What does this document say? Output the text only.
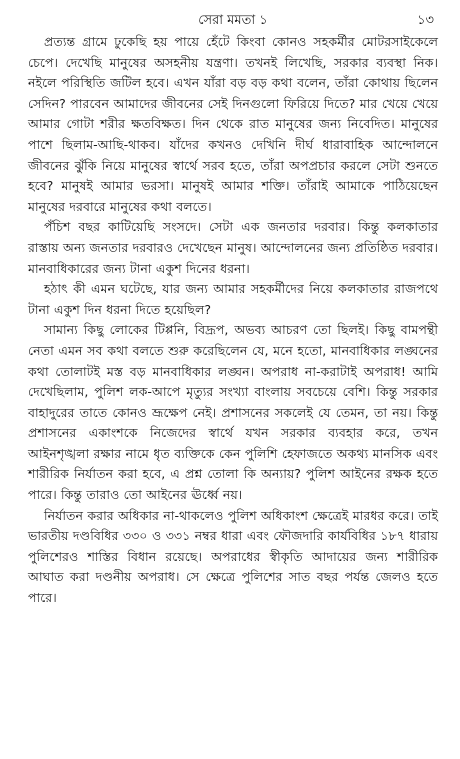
সেরা মমতা ১	১৩

প্রত্যন্ত গ্রামে ঢুকেছি হয় পায়ে হেঁটে কিংবা কোনও সহকর্মীর মোটরসাইকেলে চেপে। দেখেছি মানুষের অসহনীয় যন্ত্রণা। তখনই লিখেছি, সরকার ব্যবস্থা নিক। নইলে পরিস্থিতি জটিল হবে। এখন যাঁরা বড় বড় কথা বলেন, তাঁরা কোথায় ছিলেন সেদিন? পারবেন আমাদের জীবনের সেই দিনগুলো ফিরিয়ে দিতে? মার খেয়ে খেয়ে আমার গোটা শরীর ক্ষতবিক্ষত। দিন থেকে রাত মানুষের জন্য নিবেদিত। মানুষের পাশে ছিলাম-আছি-থাকব। যাঁদের কখনও দেখিনি দীর্ঘ ধারাবাহিক আন্দোলনে জীবনের ঝুঁকি নিয়ে মানুষের স্বার্থে সরব হতে, তাঁরা অপপ্রচার করলে সেটা শুনতে হবে? মানুষই আমার ভরসা। মানুষই আমার শক্তি। তাঁরাই আমাকে পাঠিয়েছেন মানুষের দরবারে মানুষের কথা বলতে।

পঁচিশ বছর কাটিয়েছি সংসদে। সেটা এক জনতার দরবার। কিন্তু কলকাতার রাস্তায় অন্য জনতার দরবারও দেখেছেন মানুষ। আন্দোলনের জন্য প্রতিষ্ঠিত দরবার। মানবাধিকারের জন্য টানা একুশ দিনের ধরনা।

হঠাৎ কী এমন ঘটেছে, যার জন্য আমার সহকর্মীদের নিয়ে কলকাতার রাজপথে টানা একুশ দিন ধরনা দিতে হয়েছিল?

সামান্য কিছু লোকের টিপ্পনি, বিদ্রূপ, অভব্য আচরণ তো ছিলই। কিছু বামপন্থী নেতা এমন সব কথা বলতে শুরু করেছিলেন যে, মনে হতো, মানবাধিকার লঙ্ঘনের কথা তোলাটই মস্ত বড় মানবাধিকার লঙ্ঘন। অপরাধ না-করাটাই অপরাধ! আমি দেখেছিলাম, পুলিশ লক-আপে মৃত্যুর সংখ্যা বাংলায় সবচেয়ে বেশি। কিন্তু সরকার বাহাদুরের তাতে কোনও ভ্রূক্ষেপ নেই। প্রশাসনের সকলেই যে তেমন, তা নয়। কিন্তু প্রশাসনের একাংশকে নিজেদের স্বার্থে যখন সরকার ব্যবহার করে, তখন আইনশৃঙ্খলা রক্ষার নামে ধৃত ব্যক্তিকে কেন পুলিশি হেফাজতে অকথ্য মানসিক এবং শারীরিক নির্যাতন করা হবে, এ প্রশ্ন তোলা কি অন্যায়? পুলিশ আইনের রক্ষক হতে পারে। কিন্তু তারাও তো আইনের ঊর্ধ্বে নয়।

নির্যাতন করার অধিকার না-থাকলেও পুলিশ অধিকাংশ ক্ষেত্রেই মারধর করে। তাই ভারতীয় দণ্ডবিধির ৩৩০ ও ৩৩১ নম্বর ধারা এবং ফৌজদারি কার্যবিধির ১৮৭ ধারায় পুলিশেরও শাস্তির বিধান রয়েছে। অপরাধের স্বীকৃতি আদায়ের জন্য শারীরিক আঘাত করা দণ্ডনীয় অপরাধ। সে ক্ষেত্রে পুলিশের সাত বছর পর্যন্ত জেলও হতে পারে।
